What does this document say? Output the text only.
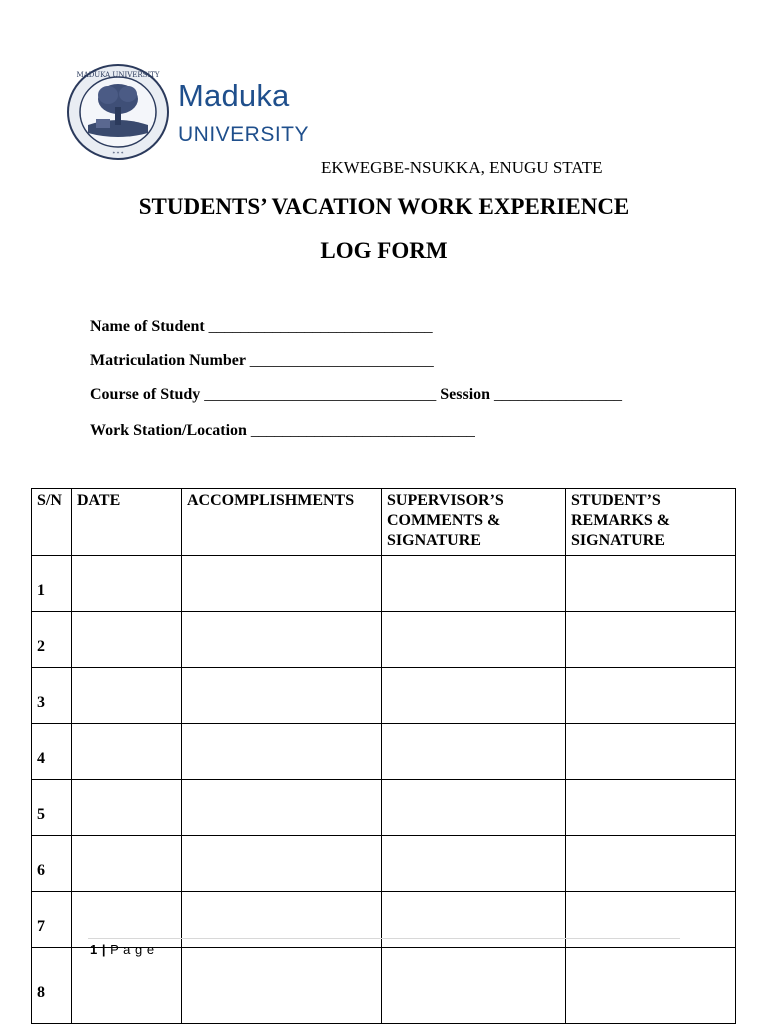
MADUKA UNIVERSITY
* * *
Maduka
UNIVERSITY
EKWEGBE-NSUKKA, ENUGU STATE
STUDENTS’ VACATION WORK EXPERIENCE
LOG FORM
Name of Student ____________________________
Matriculation Number _______________________
Course of Study _____________________________ Session ________________
Work Station/Location ____________________________
S/N	DATE	ACCOMPLISHMENTS	SUPERVISOR’S
COMMENTS &
SIGNATURE	STUDENT’S
REMARKS &
SIGNATURE
1				
2				
3				
4				
5				
6				
7				
8				
1 | P a g e
